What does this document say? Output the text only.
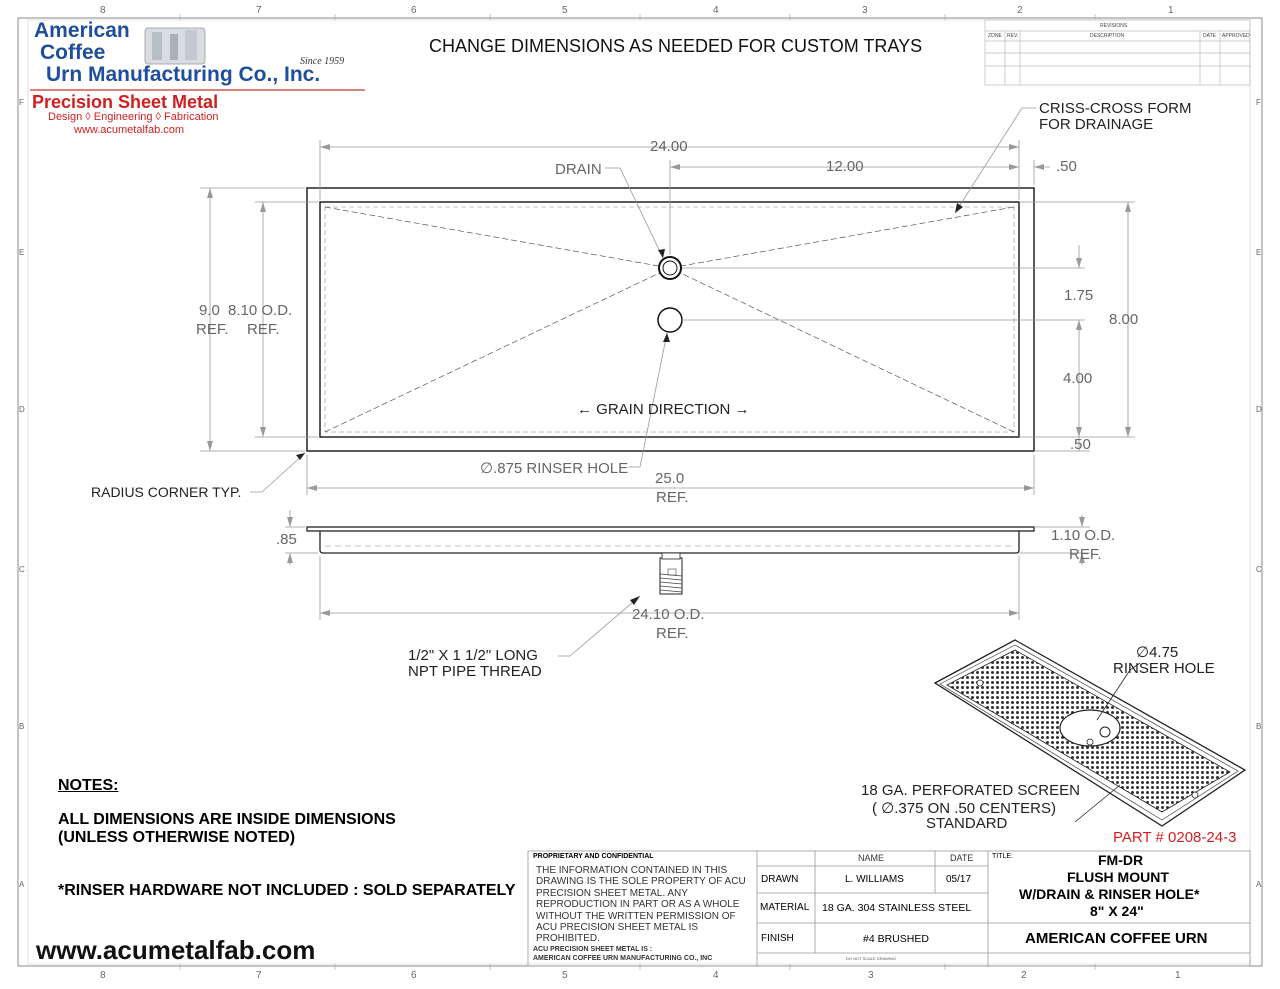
8	7	6	5	4	3	2	1
8	7	6	5	4	3	2	1
F
E
D
C
B
A
F
E
D
C
B
A
REVISIONS
ZONE REV.	DESCRIPTION	DATE APPROVED
American
Coffee
Urn Manufacturing Co., Inc.
Since 1959
Precision Sheet Metal
Design ◊ Engineering ◊ Fabrication
www.acumetalfab.com
CHANGE DIMENSIONS AS NEEDED FOR CUSTOM TRAYS
24.00
12.00	.50
DRAIN
CRISS-CROSS FORM
FOR DRAINAGE
9.0
REF.
8.10 O.D.
REF.
1.75
8.00
4.00
.50
← GRAIN DIRECTION →
∅.875 RINSER HOLE
25.0
REF.
RADIUS CORNER TYP.
.85	1.10 O.D.
REF.
24.10 O.D.
REF.
1/2" X 1 1/2" LONG
NPT PIPE THREAD
∅4.75
RINSER HOLE
18 GA. PERFORATED SCREEN
( ∅.375 ON .50 CENTERS)
STANDARD
PART # 0208-24-3
NOTES:
ALL DIMENSIONS ARE INSIDE DIMENSIONS
(UNLESS OTHERWISE NOTED)
*RINSER HARDWARE NOT INCLUDED : SOLD SEPARATELY
www.acumetalfab.com
PROPRIETARY AND CONFIDENTIAL
THE INFORMATION CONTAINED IN THIS DRAWING IS THE SOLE PROPERTY OF ACU PRECISION SHEET METAL. ANY REPRODUCTION IN PART OR AS A WHOLE WITHOUT THE WRITTEN PERMISSION OF ACU PRECISION SHEET METAL IS PROHIBITED.
ACU PRECISION SHEET METAL IS :
AMERICAN COFFEE URN MANUFACTURING CO., INC
NAME	DATE
DRAWN	L. WILLIAMS	05/17
MATERIAL 18 GA. 304 STAINLESS STEEL
FINISH	#4 BRUSHED
DO NOT SCALE DRAWING
TITLE:	FM-DR
FLUSH MOUNT
W/DRAIN & RINSER HOLE*
8" X 24"
AMERICAN COFFEE URN
